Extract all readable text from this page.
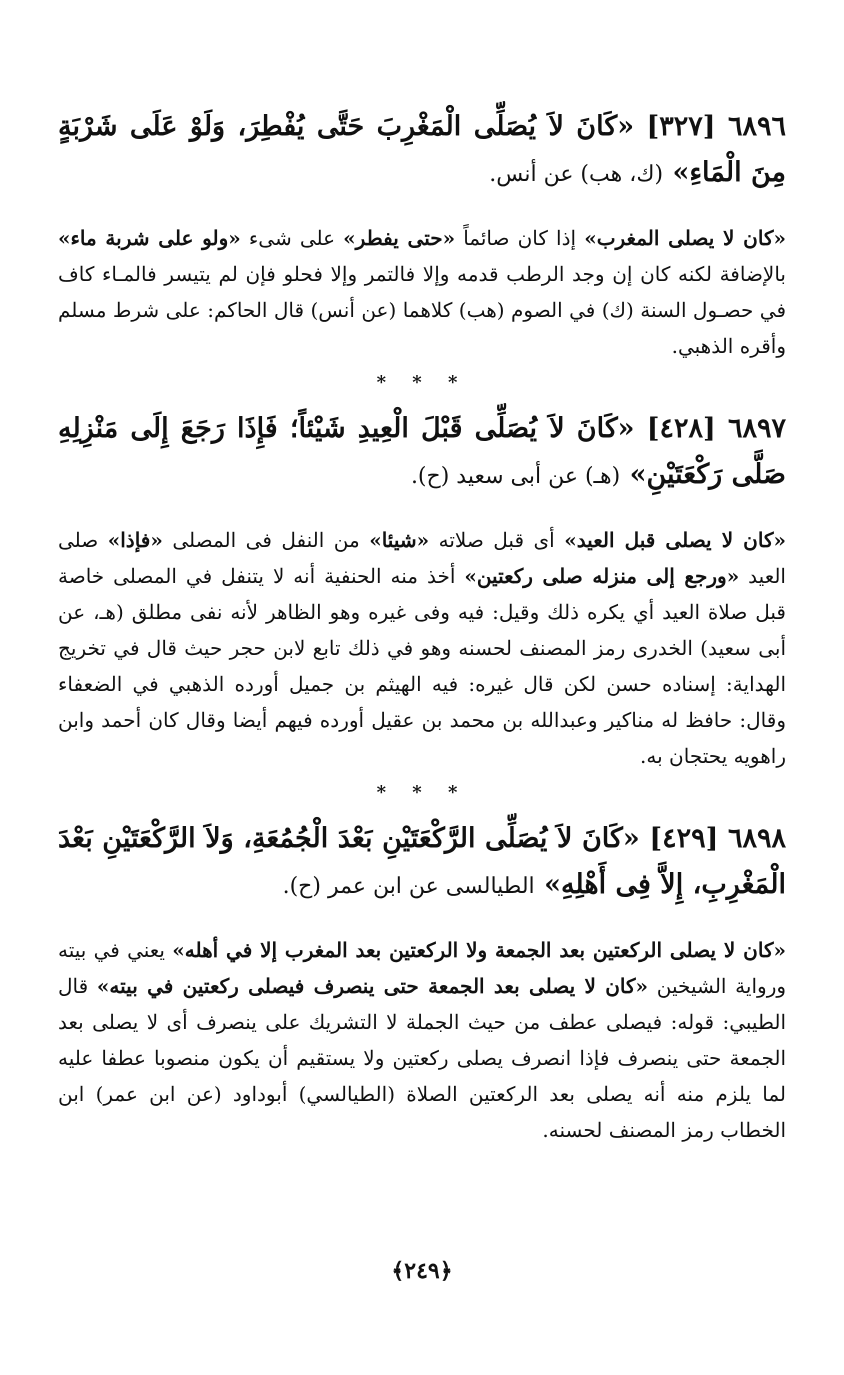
٦٨٩٦ [٣٢٧] «كَانَ لاَ يُصَلِّى الْمَغْرِبَ حَتَّى يُفْطِرَ، وَلَوْ عَلَى شَرْبَةٍ مِنَ الْمَاءِ» (ك، هب) عن أنس.

«كان لا يصلى المغرب» إذا كان صائماً «حتى يفطر» على شىء «ولو على شربة ماء» بالإضافة لكنه كان إن وجد الرطب قدمه وإلا فالتمر وإلا فحلو فإن لم يتيسر فالمـاء كاف في حصـول السنة (ك) في الصوم (هب) كلاهما (عن أنس) قال الحاكم: على شرط مسلم وأقره الذهبي.

* * *

٦٨٩٧ [٤٢٨] «كَانَ لاَ يُصَلِّى قَبْلَ الْعِيدِ شَيْئاً؛ فَإِذَا رَجَعَ إِلَى مَنْزِلِهِ صَلَّى رَكْعَتَيْنِ» (هـ) عن أبى سعيد (ح).

«كان لا يصلى قبل العيد» أى قبل صلاته «شيئا» من النفل فى المصلى «فإذا» صلى العيد «ورجع إلى منزله صلى ركعتين» أخذ منه الحنفية أنه لا يتنفل في المصلى خاصة قبل صلاة العيد أي يكره ذلك وقيل: فيه وفى غيره وهو الظاهر لأنه نفى مطلق (هـ، عن أبى سعيد) الخدرى رمز المصنف لحسنه وهو في ذلك تابع لابن حجر حيث قال في تخريج الهداية: إسناده حسن لكن قال غيره: فيه الهيثم بن جميل أورده الذهبي في الضعفاء وقال: حافظ له مناكير وعبدالله بن محمد بن عقيل أورده فيهم أيضا وقال كان أحمد وابن راهويه يحتجان به.

* * *

٦٨٩٨ [٤٢٩] «كَانَ لاَ يُصَلِّى الرَّكْعَتَيْنِ بَعْدَ الْجُمُعَةِ، وَلاَ الرَّكْعَتَيْنِ بَعْدَ الْمَغْرِبِ، إِلاَّ فِى أَهْلِهِ» الطيالسى عن ابن عمر (ح).

«كان لا يصلى الركعتين بعد الجمعة ولا الركعتين بعد المغرب إلا في أهله» يعني في بيته ورواية الشيخين «كان لا يصلى بعد الجمعة حتى ينصرف فيصلى ركعتين في بيته» قال الطيبي: قوله: فيصلى عطف من حيث الجملة لا التشريك على ينصرف أى لا يصلى بعد الجمعة حتى ينصرف فإذا انصرف يصلى ركعتين ولا يستقيم أن يكون منصوبا عطفا عليه لما يلزم منه أنه يصلى بعد الركعتين الصلاة (الطيالسي) أبوداود (عن ابن عمر) ابن الخطاب رمز المصنف لحسنه.

﴿٢٤٩﴾
